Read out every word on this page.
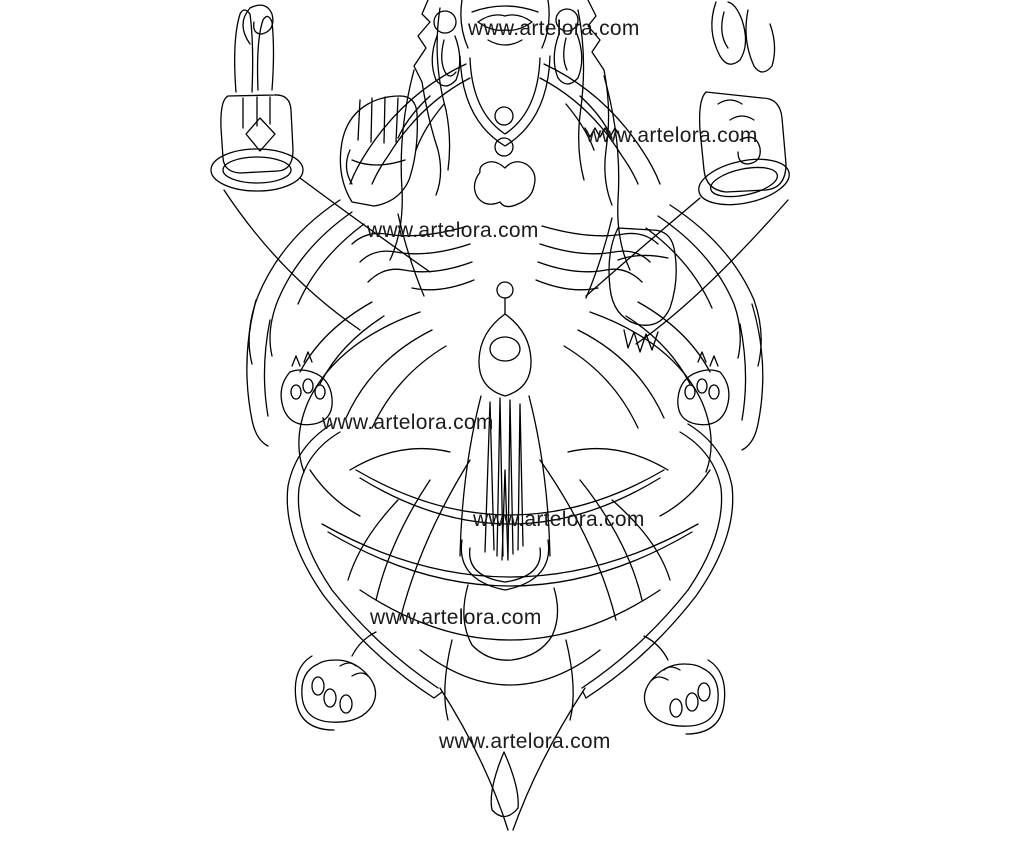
www.artelora.com
www.artelora.com
www.artelora.com
www.artelora.com
www.artelora.com
www.artelora.com
www.artelora.com
